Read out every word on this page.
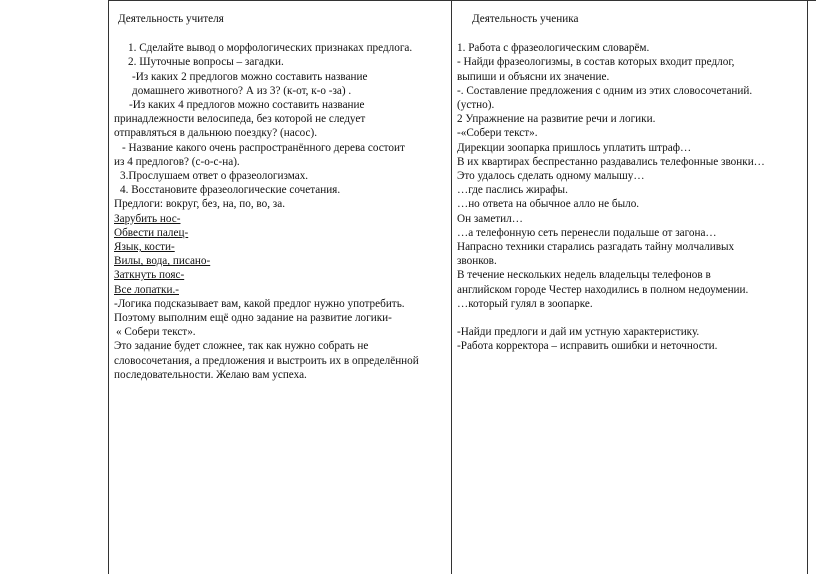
Деятельность учителя

1. Сделайте вывод о морфологических признаках предлога.

2. Шуточные вопросы – загадки.

-Из каких 2 предлогов можно составить название

домашнего животного? А из 3? (к-от, к-о -за) .

-Из каких 4 предлогов можно составить название

принадлежности велосипеда, без которой не следует

отправляться в дальнюю поездку? (насос).

- Название какого очень распространённого дерева состоит

из 4 предлогов? (с-о-с-на).

3.Прослушаем ответ о фразеологизмах.

4. Восстановите фразеологические сочетания.

Предлоги: вокруг, без, на, по, во, за.

Зарубить нос-

Обвести палец-

Язык, кости-

Вилы, вода, писано-

Заткнуть пояс-

Все лопатки.-

-Логика подсказывает вам, какой предлог нужно употребить.

Поэтому выполним ещё одно задание на развитие логики-

« Собери текст».

Это задание будет сложнее, так как нужно собрать не

словосочетания, а предложения и выстроить их в определённой

последовательности. Желаю вам успеха.

Деятельность ученика

1. Работа с фразеологическим словарём.

- Найди фразеологизмы, в состав которых входит предлог,

выпиши и объясни их значение.

-. Составление предложения с одним из этих словосочетаний.

(устно).

2 Упражнение на развитие речи и логики.

-«Собери текст».

Дирекции зоопарка пришлось уплатить штраф…

В их квартирах беспрестанно раздавались телефонные звонки…

Это удалось сделать одному малышу…

…где паслись жирафы.

…но ответа на обычное алло не было.

Он заметил…

…а телефонную сеть перенесли подальше от загона…

Напрасно техники старались разгадать тайну молчаливых

звонков.

В течение нескольких недель владельцы телефонов в

английском городе Честер находились в полном недоумении.

…который гулял в зоопарке.

-Найди предлоги и дай им устную характеристику.

-Работа корректора – исправить ошибки и неточности.
